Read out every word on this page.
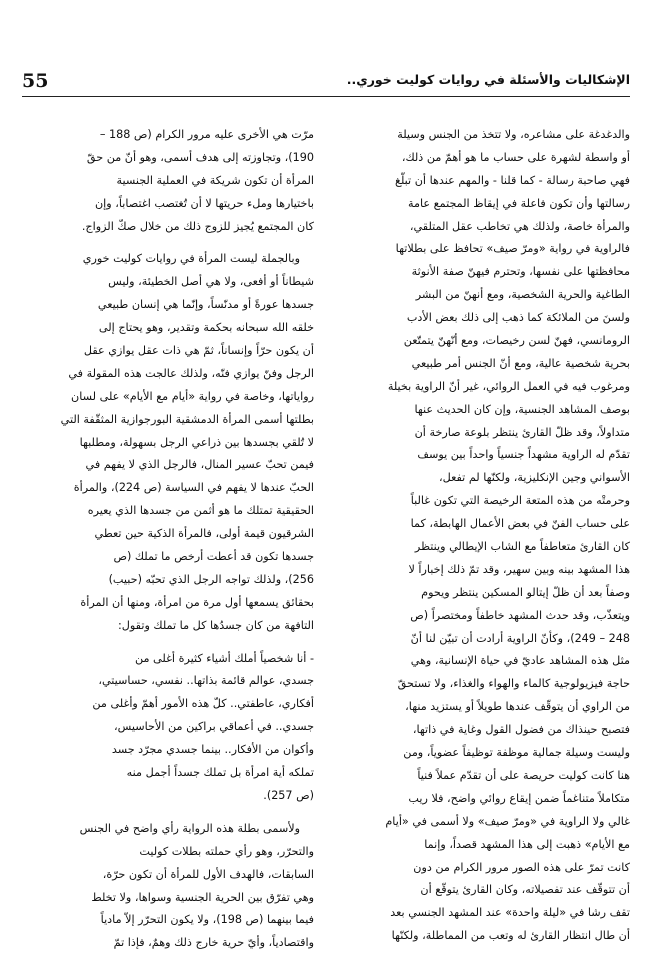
55	الإشكاليات والأسئلة في روايات كوليت خوري..
والدغدغة على مشاعره، ولا تتخذ من الجنس وسيلة
أو واسطة لشهرة على حساب ما هو أهمّ من ذلك،
فهي صاحبة رسالة - كما قلنا - والمهم عندها أن تبلّغ
رسالتها وأن تكون فاعلة في إيقاظ المجتمع عامة
والمرأة خاصة، ولذلك هي تخاطب عقل المتلقي،
فالراوية في رواية «ومرّ صيف» تحافظ على بطلاتها
محافظتها على نفسها، وتحترم فيهنّ صفة الأنوثة
الطاغية والحرية الشخصية، ومع أنهنّ من البشر
ولسنَ من الملائكة كما ذهب إلى ذلك بعض الأدب
الرومانسي، فهنّ لسن رخيصات، ومع أنّهنّ يتمتّعن
بحرية شخصية عالية، ومع أنّ الجنس أمر طبيعي
ومرغوب فيه في العمل الروائي، غير أنّ الراوية بخيلة
بوصف المشاهد الجنسية، وإن كان الحديث عنها
متداولاً، وقد ظلّ القارئ ينتظر بلوعة صارخة أن
تقدّم له الراوية مشهداً جنسياً واحداً بين يوسف
الأسواني وجين الإنكليزية، ولكنّها لم تفعل،
وحرمتْه من هذه المتعة الرخيصة التي تكون غالباً
على حساب الفنّ في بعض الأعمال الهابطة، كما
كان القارئ متعاطفاً مع الشاب الإيطالي وينتظر
هذا المشهد بينه وبين سهير، وقد تمّ ذلك إخباراً لا
وصفاً بعد أن ظلّ إيتالو المسكين ينتظر ويحوم
ويتعذّب، وقد حدث المشهد خاطفاً ومختصراً (ص
248 – 249)، وكأنّ الراوية أرادت أن تبيّن لنا أنّ
مثل هذه المشاهد عاديّ في حياة الإنسانية، وهي
حاجة فيزيولوجية كالماء والهواء والغذاء، ولا تستحقّ
من الراوي أن يتوقّف عندها طويلاً أو يستزيد منها،
فتصبح حينذاك من فضول القول وغاية في ذاتها،
وليست وسيلة جمالية موظفة توظيفاً عضوياً، ومن
هنا كانت كوليت حريصة على أن تقدّم عملاً فنياً
متكاملاً متناغماً ضمن إيقاع روائي واضح، فلا ريب
غالي ولا الراوية في «ومرّ صيف» ولا أسمى في «أيام
مع الأيام» ذهبت إلى هذا المشهد قصداً، وإنما
كانت تمرّ على هذه الصور مرور الكرام من دون
أن تتوقّف عند تفصيلاته، وكان القارئ يتوقّع أن
تقف رشا في «ليلة واحدة» عند المشهد الجنسي بعد
أن طال انتظار القارئ له وتعب من المماطلة، ولكنّها
مرّت هي الأخرى عليه مرور الكرام (ص 188 –
190)، وتجاوزته إلى هدف أسمى، وهو أنّ من حقّ
المرأة أن تكون شريكة في العملية الجنسية
باختيارها وملء حريتها لا أن تُغتصب اغتصاباً، وإن
كان المجتمع يُجيز للزوج ذلك من خلال صكّ الزواج.
وبالجملة ليست المرأة في روايات كوليت خوري
شيطاناً أو أفعى، ولا هي أصل الخطيئة، وليس
جسدها عورةً أو مدنّساً، وإنّما هي إنسان طبيعي
خلقه الله سبحانه بحكمة وتقدير، وهو يحتاج إلى
أن يكون حرّاً وإنساناً، ثمّ هي ذات عقل يوازي عقل
الرجل وفنّ يوازي فنّه، ولذلك عالجت هذه المقولة في
رواياتها، وخاصة في رواية «أيام مع الأيام» على لسان
بطلتها أسمى المرأة الدمشقية البورجوازية المثقّفة التي
لا تُلقي بجسدها بين ذراعي الرجل بسهولة، ومطلبها
فيمن تحبّ عسير المنال، فالرجل الذي لا يفهم في
الحبّ عندها لا يفهم في السياسة (ص 224)، والمرأة
الحقيقية تمتلك ما هو أثمن من جسدها الذي يعيره
الشرقيون قيمة أولى، فالمرأة الذكية حين تعطي
جسدها تكون قد أعطت أرخص ما تملك (ص
256)، ولذلك تواجه الرجل الذي تحبّه (حبيب)
بحقائق يسمعها أول مرة من امرأة، ومنها أن المرأة
التافهة من كان جسدُها كل ما تملك وتقول:
- أنا شخصياً أملك أشياء كثيرة أغلى من
جسدي، عوالم قائمة بذاتها.. نفسي، حساسيتي،
أفكاري، عاطفتي.. كلّ هذه الأمور أهمّ وأغلى من
جسدي.. في أعماقي براكين من الأحاسيس،
وأكوان من الأفكار.. بينما جسدي مجرّد جسد
تملكه أية امرأة بل تملك جسداً أجمل منه
(ص 257).
ولأسمى بطلة هذه الرواية رأي واضح في الجنس
والتحرّر، وهو رأي حملته بطلات كوليت
السابقات، فالهدف الأول للمرأة أن تكون حرّة،
وهي تفرّق بين الحرية الجنسية وسواها، ولا تخلط
فيما بينهما (ص 198)، ولا يكون التحرّر إلاّ مادياً
واقتصادياً، وأيّ حرية خارج ذلك وهمٌ، فإذا تمّ
